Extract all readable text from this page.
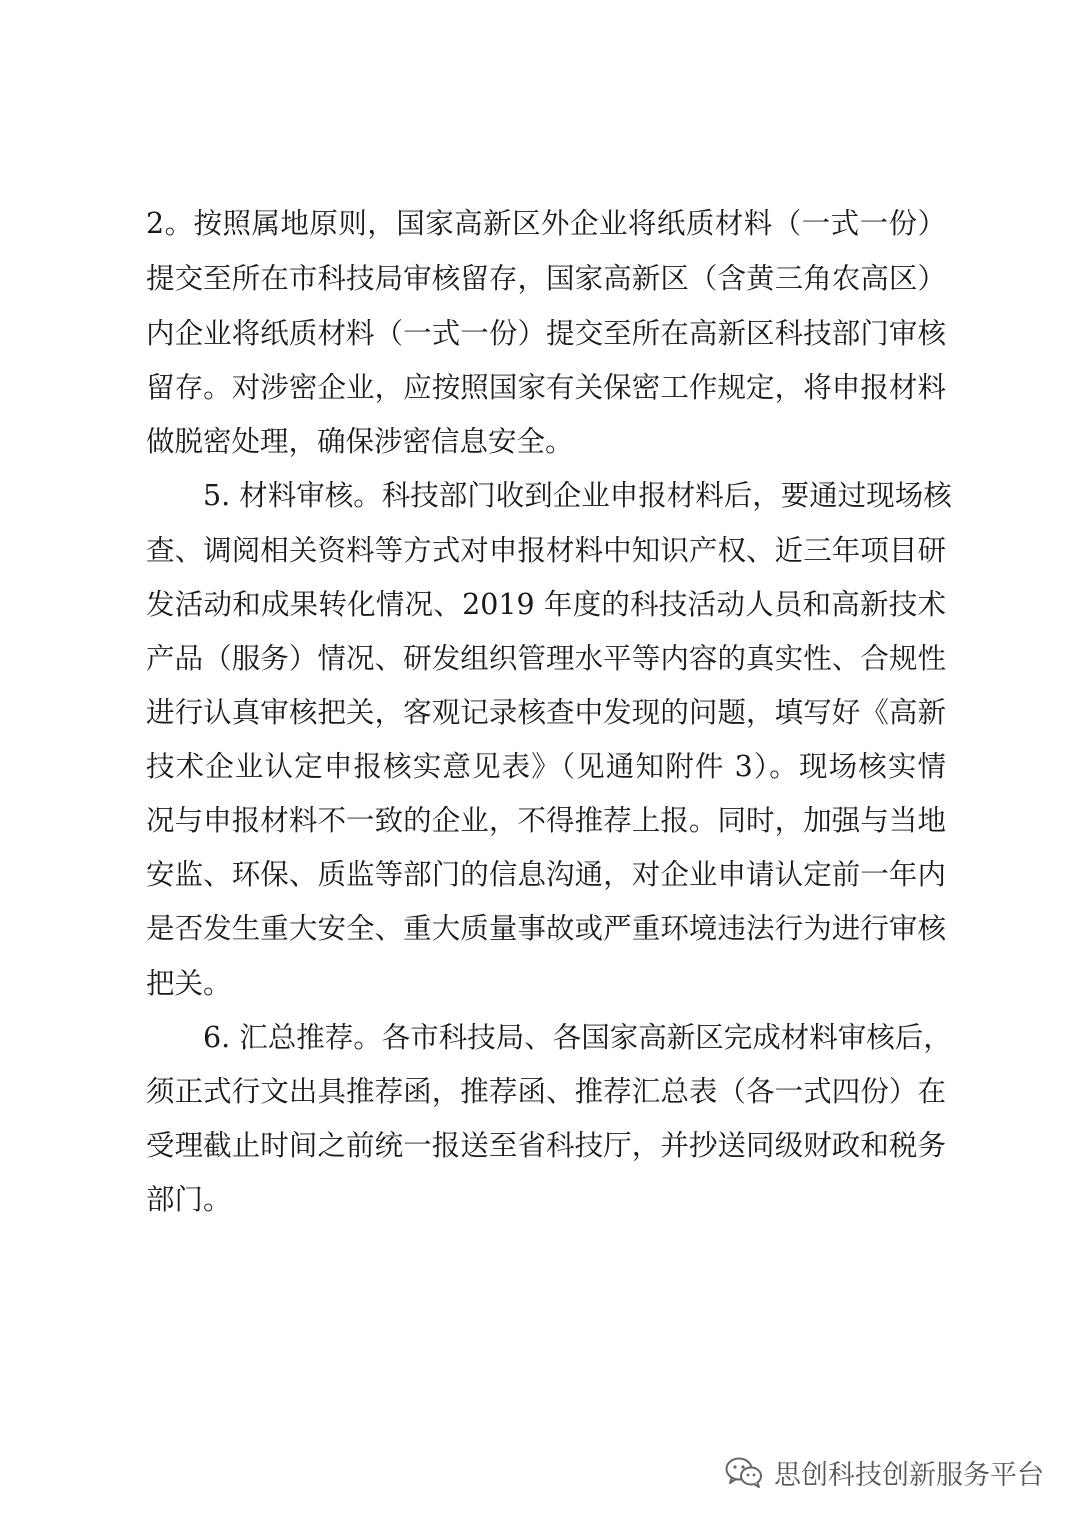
2。按照属地原则，国家高新区外企业将纸质材料（一式一份）
提交至所在市科技局审核留存，国家高新区（含黄三角农高区）
内企业将纸质材料（一式一份）提交至所在高新区科技部门审核
留存。对涉密企业，应按照国家有关保密工作规定，将申报材料
做脱密处理，确保涉密信息安全。
5. 材料审核。科技部门收到企业申报材料后，要通过现场核
查、调阅相关资料等方式对申报材料中知识产权、近三年项目研
发活动和成果转化情况、2019 年度的科技活动人员和高新技术
产品（服务）情况、研发组织管理水平等内容的真实性、合规性
进行认真审核把关，客观记录核查中发现的问题，填写好《高新
技术企业认定申报核实意见表》（见通知附件 3）。现场核实情
况与申报材料不一致的企业，不得推荐上报。同时，加强与当地
安监、环保、质监等部门的信息沟通，对企业申请认定前一年内
是否发生重大安全、重大质量事故或严重环境违法行为进行审核
把关。
6. 汇总推荐。各市科技局、各国家高新区完成材料审核后，
须正式行文出具推荐函，推荐函、推荐汇总表（各一式四份）在
受理截止时间之前统一报送至省科技厅，并抄送同级财政和税务
部门。
思创科技创新服务平台
